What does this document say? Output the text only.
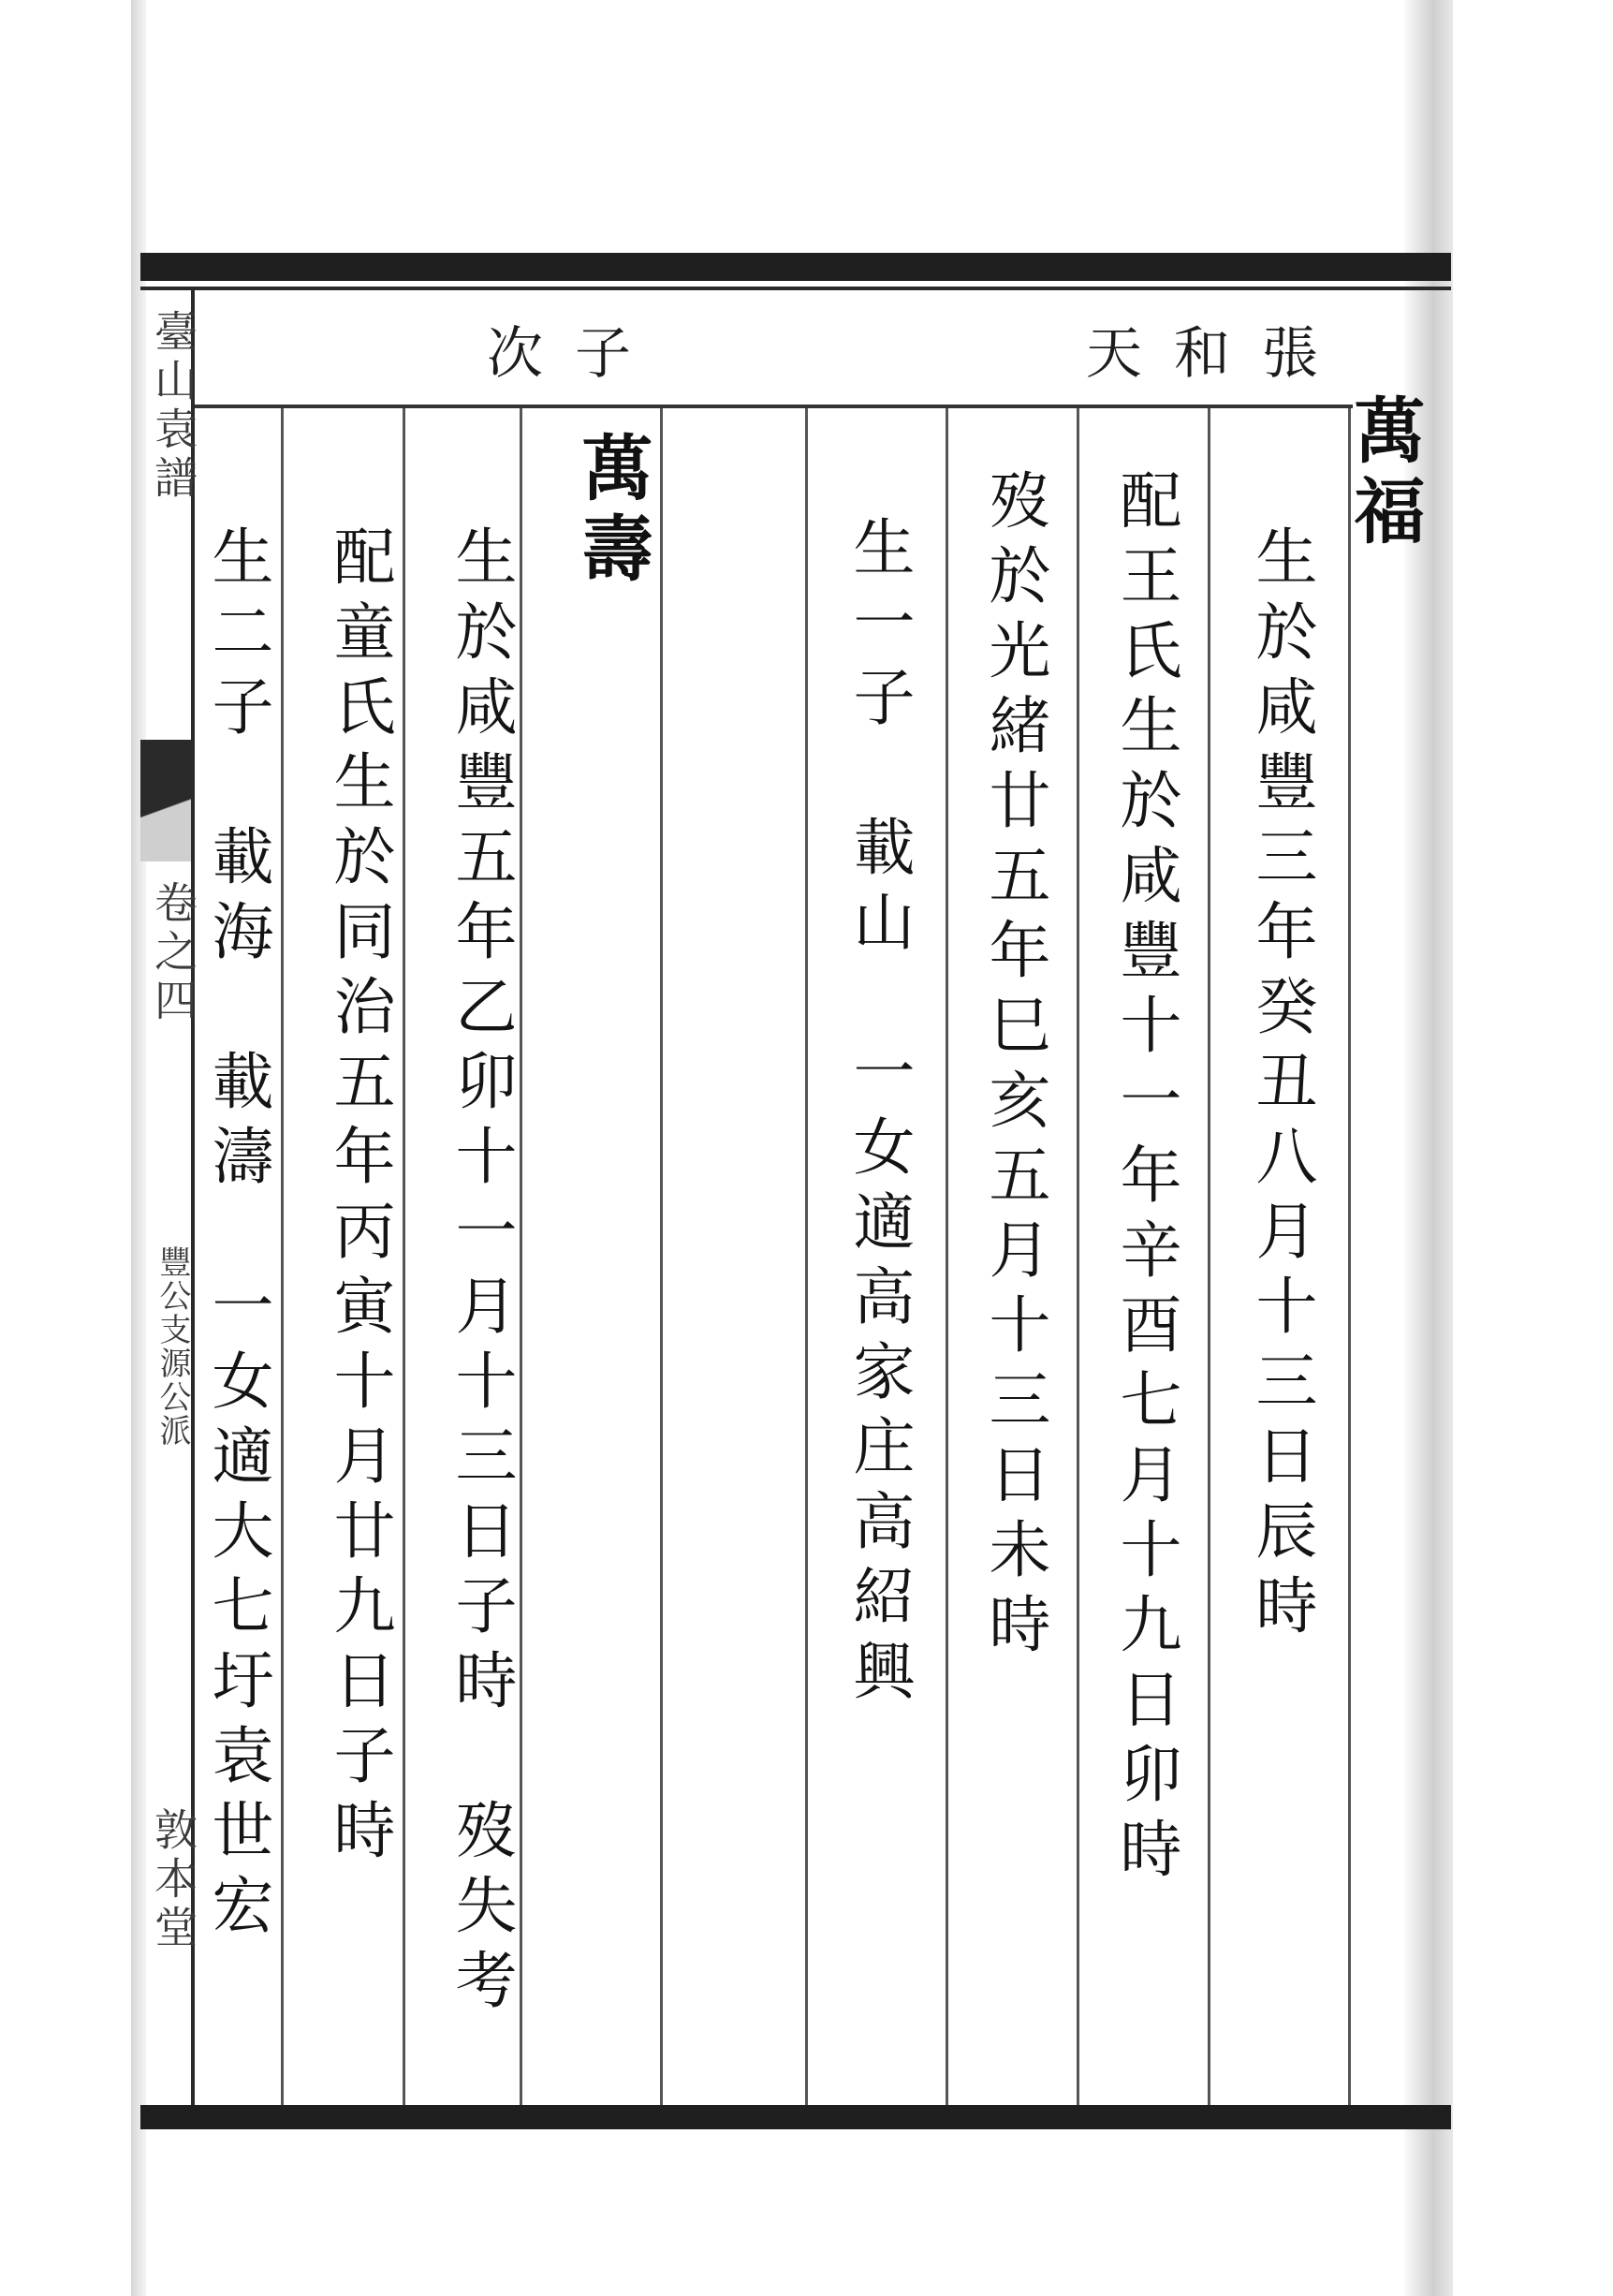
臺山袁譜
卷之四
豐公支源公派
敦本堂
天和張
次子
萬福
生於咸豐三年癸丑八月十三日辰時
配王氏生於咸豐十一年辛酉七月十九日卯時
歿於光緒廿五年巳亥五月十三日未時
生一子　載山　一女適高家庄高紹興
萬壽
生於咸豐五年乙卯十一月十三日子時　歿失考
配童氏生於同治五年丙寅十月廿九日子時
生二子　載海　載濤　一女適大七圩袁世宏
